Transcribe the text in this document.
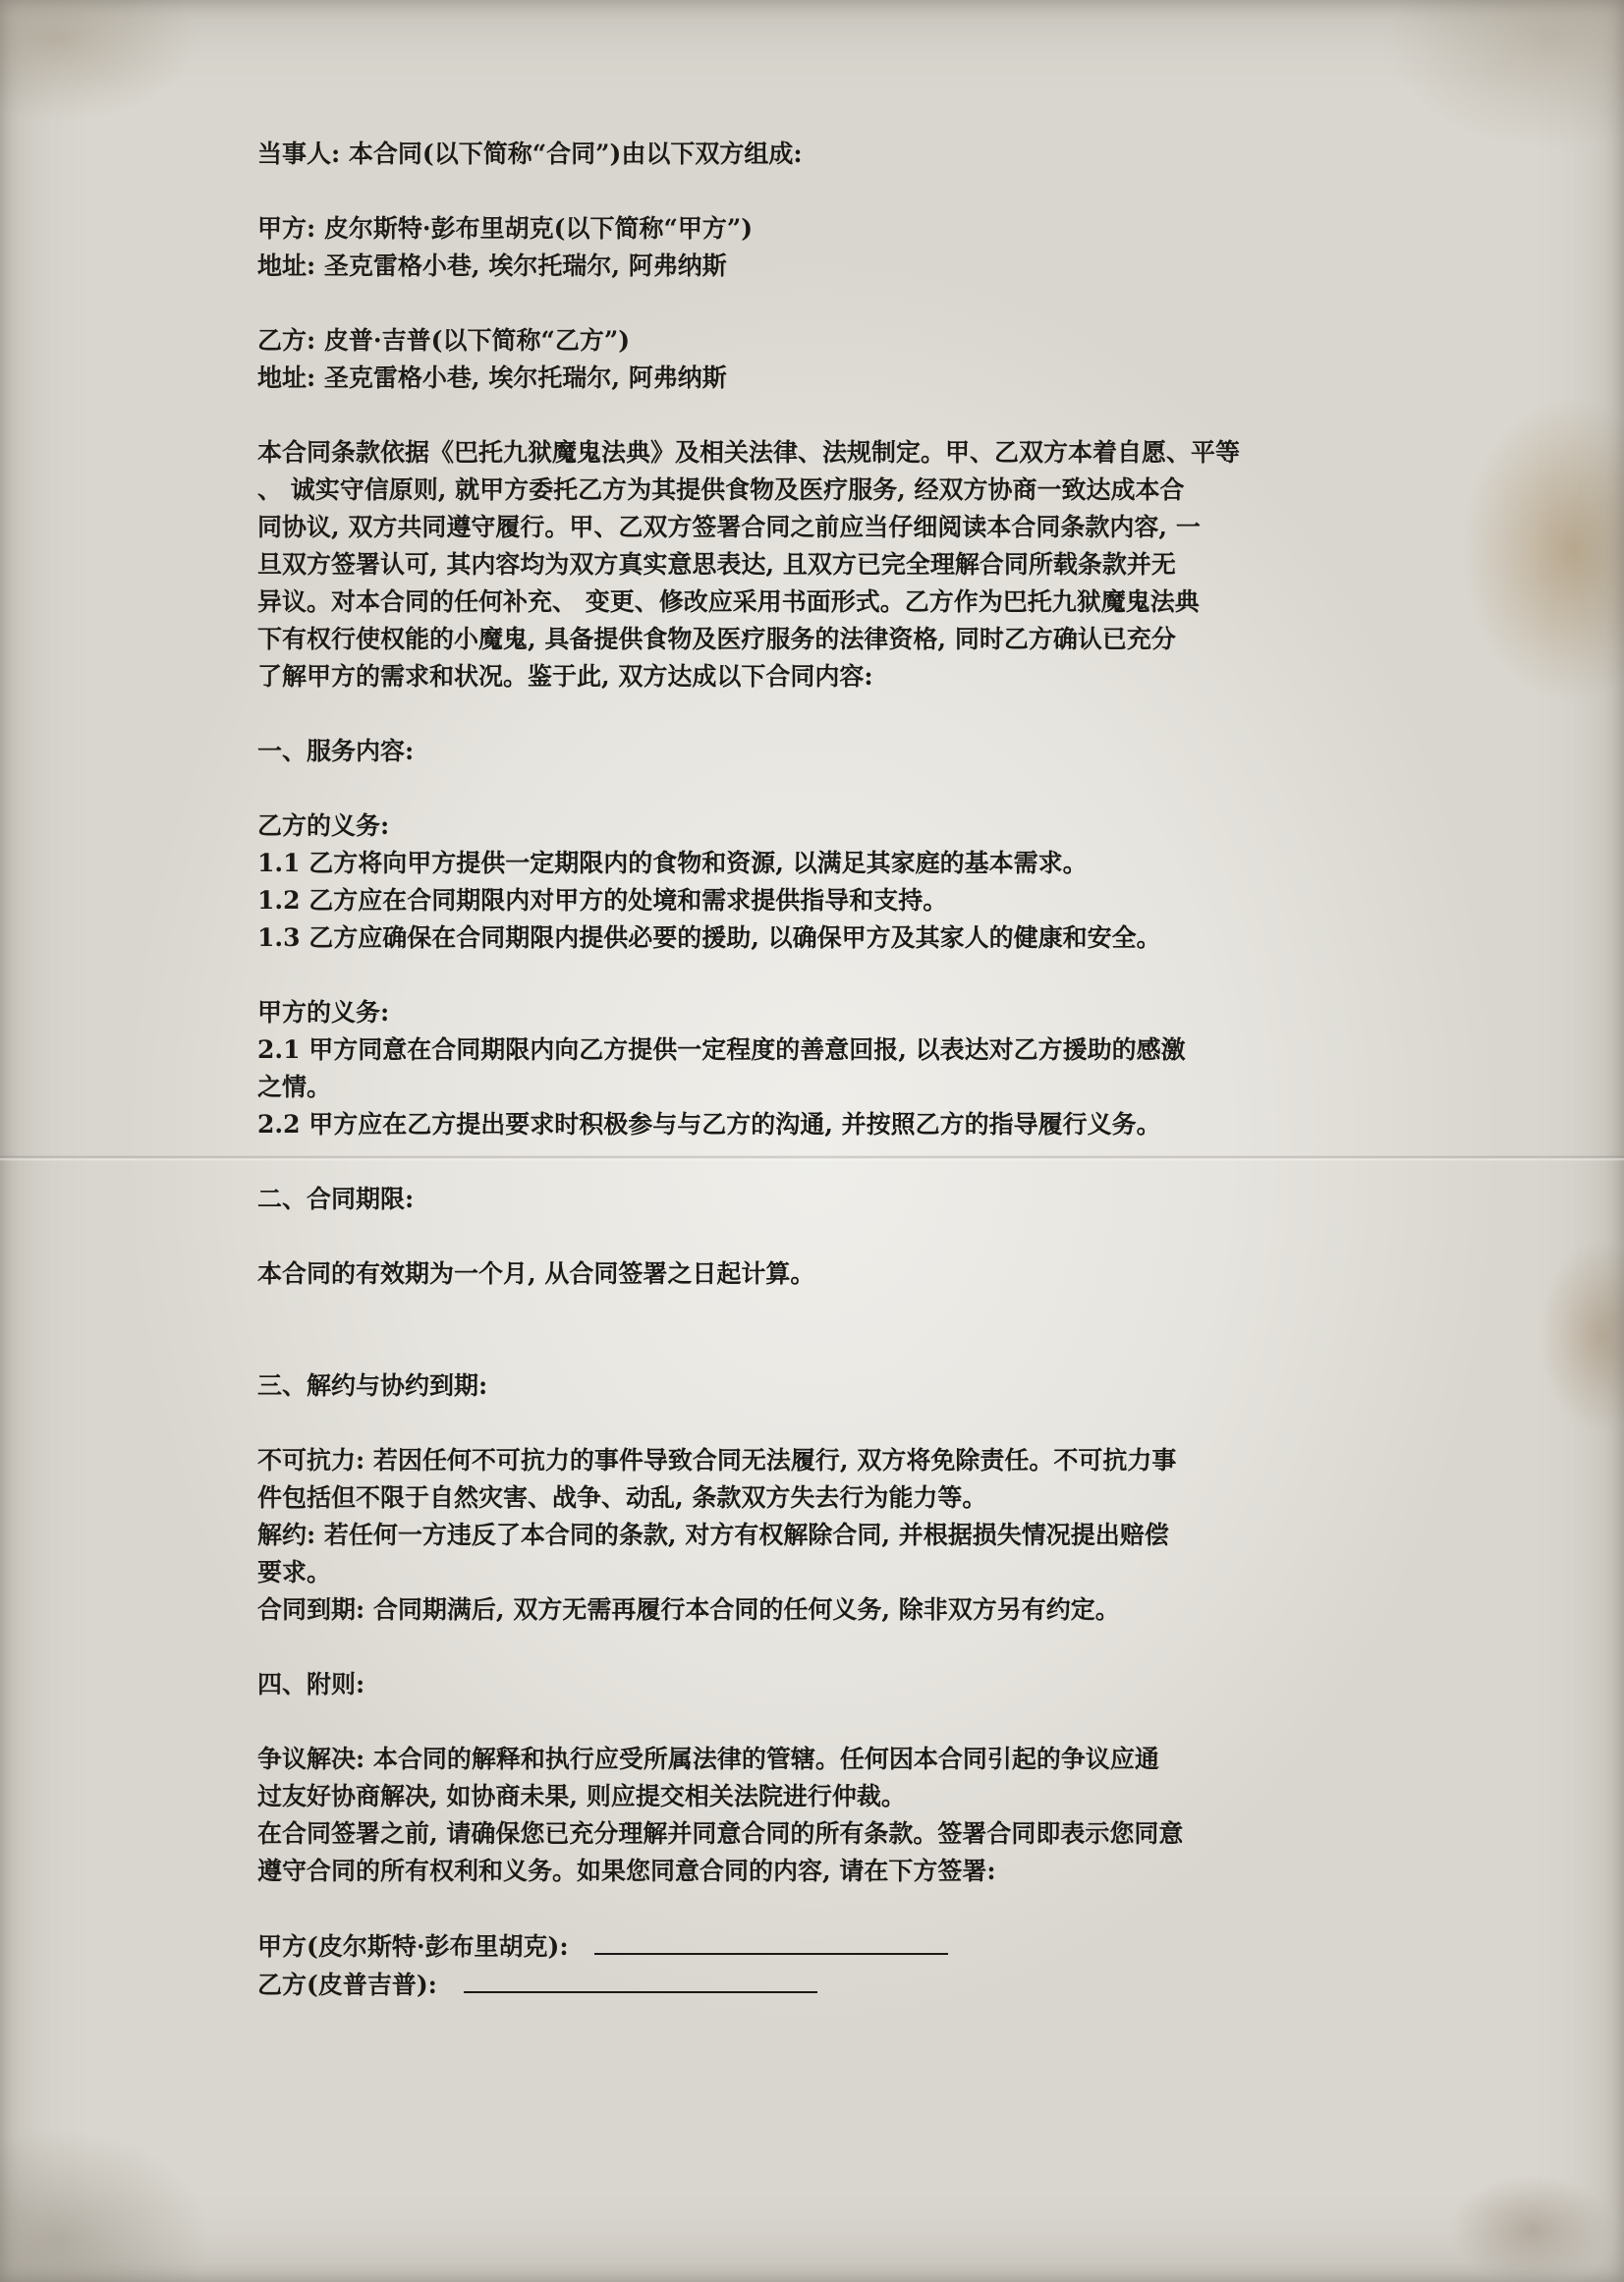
当事人: 本合同(以下简称“合同”)由以下双方组成:
甲方: 皮尔斯特·彭布里胡克(以下简称“甲方”)
地址: 圣克雷格小巷, 埃尔托瑞尔, 阿弗纳斯
乙方: 皮普·吉普(以下简称“乙方”)
地址: 圣克雷格小巷, 埃尔托瑞尔, 阿弗纳斯
本合同条款依据《巴托九狱魔鬼法典》及相关法律、法规制定。甲、乙双方本着自愿、平等
、 诚实守信原则, 就甲方委托乙方为其提供食物及医疗服务, 经双方协商一致达成本合
同协议, 双方共同遵守履行。甲、乙双方签署合同之前应当仔细阅读本合同条款内容, 一
旦双方签署认可, 其内容均为双方真实意思表达, 且双方已完全理解合同所载条款并无
异议。对本合同的任何补充、 变更、修改应采用书面形式。乙方作为巴托九狱魔鬼法典
下有权行使权能的小魔鬼, 具备提供食物及医疗服务的法律资格, 同时乙方确认已充分
了解甲方的需求和状况。鉴于此, 双方达成以下合同内容:
一、服务内容:
乙方的义务:
1.1 乙方将向甲方提供一定期限内的食物和资源, 以满足其家庭的基本需求。
1.2 乙方应在合同期限内对甲方的处境和需求提供指导和支持。
1.3 乙方应确保在合同期限内提供必要的援助, 以确保甲方及其家人的健康和安全。
甲方的义务:
2.1 甲方同意在合同期限内向乙方提供一定程度的善意回报, 以表达对乙方援助的感激
之情。
2.2 甲方应在乙方提出要求时积极参与与乙方的沟通, 并按照乙方的指导履行义务。
二、合同期限:
本合同的有效期为一个月, 从合同签署之日起计算。
三、解约与协约到期:
不可抗力: 若因任何不可抗力的事件导致合同无法履行, 双方将免除责任。不可抗力事
件包括但不限于自然灾害、战争、动乱, 条款双方失去行为能力等。
解约: 若任何一方违反了本合同的条款, 对方有权解除合同, 并根据损失情况提出赔偿
要求。
合同到期: 合同期满后, 双方无需再履行本合同的任何义务, 除非双方另有约定。
四、附则:
争议解决: 本合同的解释和执行应受所属法律的管辖。任何因本合同引起的争议应通
过友好协商解决, 如协商未果, 则应提交相关法院进行仲裁。
在合同签署之前, 请确保您已充分理解并同意合同的所有条款。签署合同即表示您同意
遵守合同的所有权利和义务。如果您同意合同的内容, 请在下方签署:
甲方(皮尔斯特·彭布里胡克):
乙方(皮普吉普):
